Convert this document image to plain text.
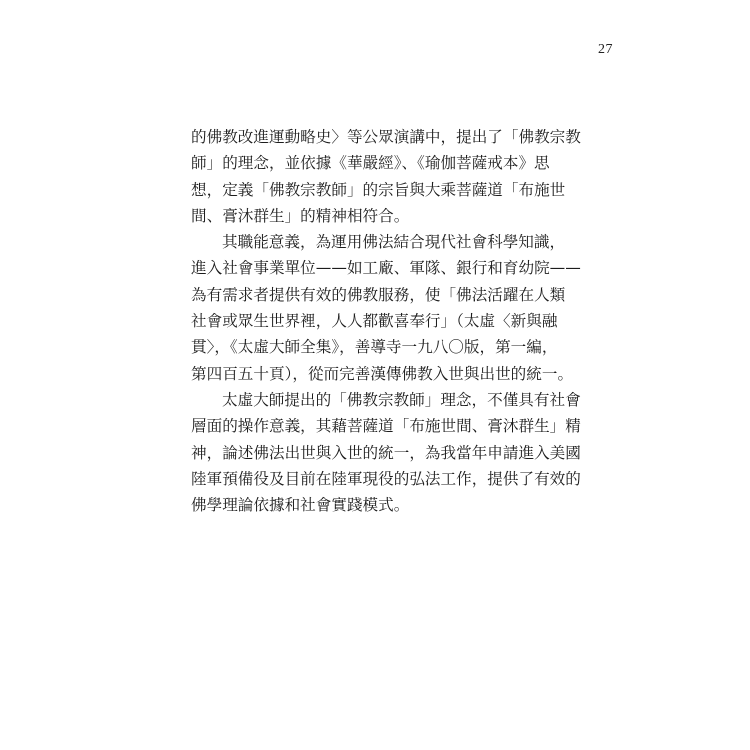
27
的佛教改進運動略史〉等公眾演講中，提出了「佛教宗教
師」的理念，並依據《華嚴經》、《瑜伽菩薩戒本》思
想，定義「佛教宗教師」的宗旨與大乘菩薩道「布施世
間、膏沐群生」的精神相符合。
其職能意義，為運用佛法結合現代社會科學知識，
進入社會事業單位——如工廠、軍隊、銀行和育幼院——
為有需求者提供有效的佛教服務，使「佛法活躍在人類
社會或眾生世界裡，人人都歡喜奉行」（太虛〈新與融
貫〉，《太虛大師全集》，善導寺一九八〇版，第一編，
第四百五十頁），從而完善漢傳佛教入世與出世的統一。
太虛大師提出的「佛教宗教師」理念，不僅具有社會
層面的操作意義，其藉菩薩道「布施世間、膏沐群生」精
神，論述佛法出世與入世的統一，為我當年申請進入美國
陸軍預備役及目前在陸軍現役的弘法工作，提供了有效的
佛學理論依據和社會實踐模式。
